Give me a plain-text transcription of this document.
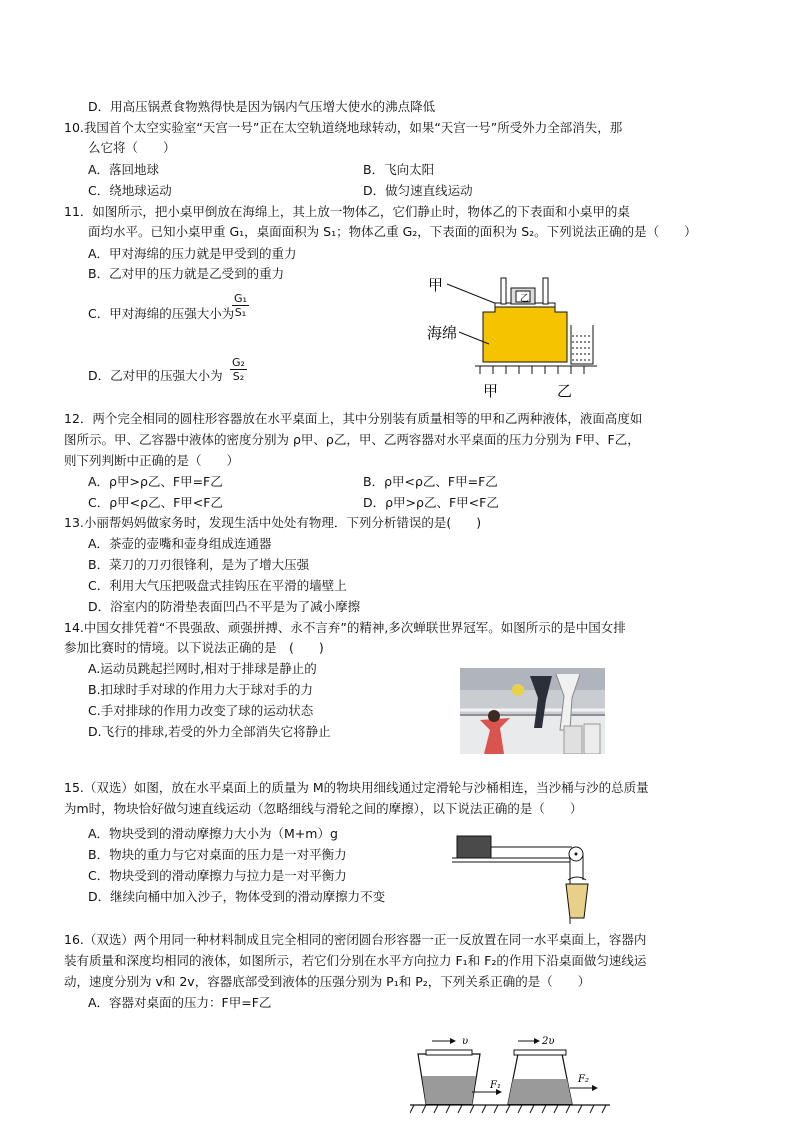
D．用高压锅煮食物熟得快是因为锅内气压增大使水的沸点降低
10.我国首个太空实验室“天宫一号”正在太空轨道绕地球转动，如果“天宫一号”所受外力全部消失，那
么它将（　　）
A．落回地球	B．飞向太阳
C．绕地球运动	D．做匀速直线运动
11．如图所示，把小桌甲倒放在海绵上，其上放一物体乙，它们静止时，物体乙的下表面和小桌甲的桌
面均水平。已知小桌甲重 G₁，桌面面积为 S₁；物体乙重 G₂，下表面的面积为 S₂。下列说法正确的是（　　）
A．甲对海绵的压力就是甲受到的重力
B．乙对甲的压力就是乙受到的重力
C．甲对海绵的压强大小为
$\frac{\text{G₁}}{\text{S₁}}$
D．乙对甲的压强大小为 $\frac{\text{G₂}}{\text{S₂}}$
甲
乙
海绵
甲	乙
12．两个完全相同的圆柱形容器放在水平桌面上，其中分别装有质量相等的甲和乙两种液体，液面高度如
图所示。甲、乙容器中液体的密度分别为 ρ甲、ρ乙，甲、乙两容器对水平桌面的压力分别为 F甲、F乙，
则下列判断中正确的是（　　）
A．ρ甲>ρ乙、F甲=F乙	B．ρ甲<ρ乙、F甲=F乙
C．ρ甲<ρ乙、F甲<F乙	D．ρ甲>ρ乙、F甲<F乙
13.小丽帮妈妈做家务时，发现生活中处处有物理．下列分析错误的是(　　)
A．茶壶的壶嘴和壶身组成连通器
B．菜刀的刀刃很锋利，是为了增大压强
C．利用大气压把吸盘式挂钩压在平滑的墙壁上
D．浴室内的防滑垫表面凹凸不平是为了减小摩擦
14.中国女排凭着“不畏强敌、顽强拼搏、永不言弃”的精神,多次蝉联世界冠军。如图所示的是中国女排
参加比赛时的情境。以下说法正确的是　(　　)
A.运动员跳起拦网时,相对于排球是静止的
B.扣球时手对球的作用力大于球对手的力
C.手对排球的作用力改变了球的运动状态
D.飞行的排球,若受的外力全部消失它将静止
15.（双选）如图，放在水平桌面上的质量为 M的物块用细线通过定滑轮与沙桶相连，当沙桶与沙的总质量
为m时，物块恰好做匀速直线运动（忽略细线与滑轮之间的摩擦），以下说法正确的是（　　）
A．物块受到的滑动摩擦力大小为（M+m）g
B．物块的重力与它对桌面的压力是一对平衡力
C．物块受到的滑动摩擦力与拉力是一对平衡力
D．继续向桶中加入沙子，物体受到的滑动摩擦力不变
16.（双选）两个用同一种材料制成且完全相同的密闭圆台形容器一正一反放置在同一水平桌面上，容器内
装有质量和深度均相同的液体，如图所示，若它们分别在水平方向拉力 F₁和 F₂的作用下沿桌面做匀速线运
动，速度分别为 v和 2v，容器底部受到液体的压强分别为 P₁和 P₂，下列关系正确的是（　　）
A．容器对桌面的压力：F甲=F乙
υ	2υ
F₁
F₂
